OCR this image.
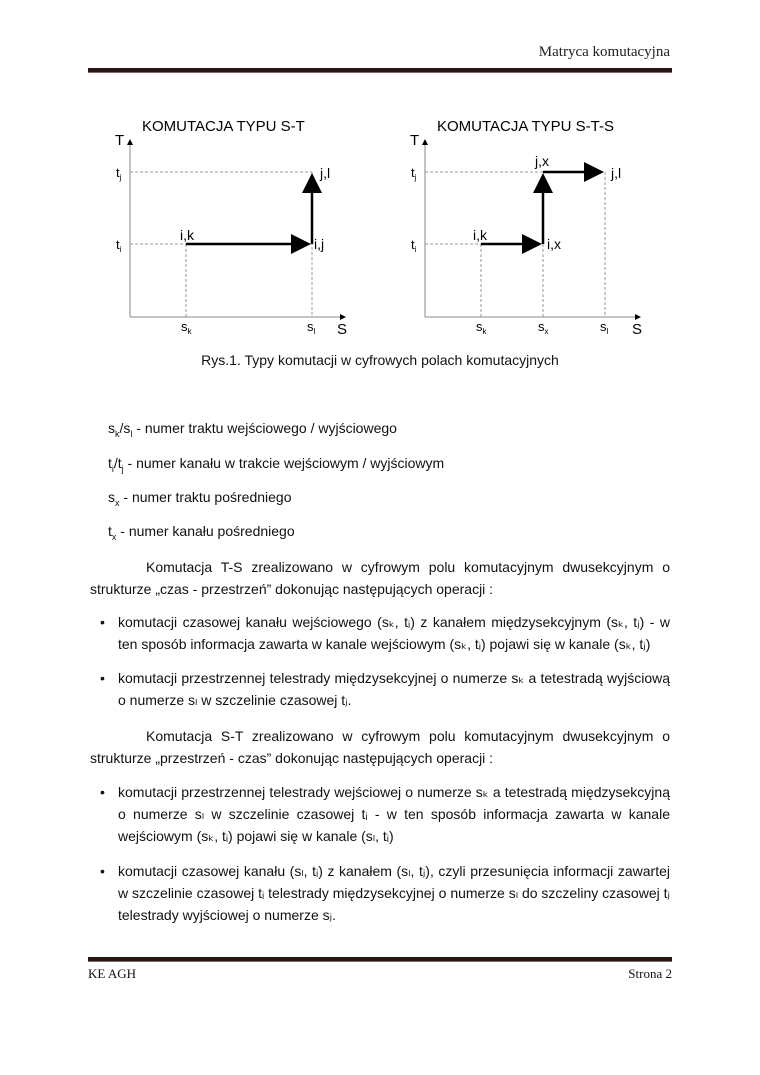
Matryca komutacyjna
KOMUTACJA TYPU S-T
T
S
$t_j$
$t_i$
$s_k$	$s_l$
i,k
i,j
j,l
KOMUTACJA TYPU S-T-S
T
S
$t_j$
$t_i$
$s_k$	$s_x$	$s_l$
i,k
i,x
j,x
j,l
Rys.1. Typy komutacji w cyfrowych polach komutacyjnych
$s_k/s_l$ - numer traktu wejściowego / wyjściowego
$t_i/t_j$ - numer kanału w trakcie wejściowym / wyjściowym
$s_x$ - numer traktu pośredniego
$t_x$ - numer kanału pośredniego
Komutacja T-S zrealizowano w cyfrowym polu komutacyjnym dwusekcyjnym o strukturze „czas - przestrzeń” dokonując następujących operacji :
• komutacji czasowej kanału wejściowego (sₖ, tᵢ) z kanałem międzysekcyjnym (sₖ, tⱼ) - w ten sposób informacja zawarta w kanale wejściowym (sₖ, tᵢ) pojawi się w kanale (sₖ, tⱼ)
• komutacji przestrzennej telestrady międzysekcyjnej o numerze sₖ a tetestradą wyjściową o numerze sₗ w szczelinie czasowej tⱼ.
Komutacja S-T zrealizowano w cyfrowym polu komutacyjnym dwusekcyjnym o strukturze „przestrzeń - czas” dokonując następujących operacji :
• komutacji przestrzennej telestrady wejściowej o numerze sₖ a tetestradą międzysekcyjną o numerze sₗ w szczelinie czasowej tᵢ - w ten sposób informacja zawarta w kanale wejściowym (sₖ, tᵢ) pojawi się w kanale (sₗ, tᵢ)
• komutacji czasowej kanału (sₗ, tᵢ) z kanałem (sₗ, tⱼ), czyli przesunięcia informacji zawartej w szczelinie czasowej tᵢ telestrady międzysekcyjnej o numerze sₗ do szczeliny czasowej tⱼ telestrady wyjściowej o numerze sⱼ.
KE AGH	Strona 2
